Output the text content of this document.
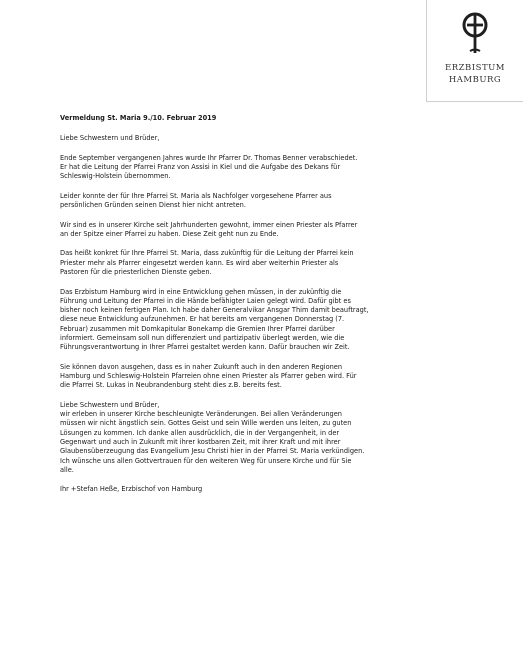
ERZBISTUM
HAMBURG

Vermeldung St. Maria 9./10. Februar 2019

Liebe Schwestern und Brüder,

Ende September vergangenen Jahres wurde Ihr Pfarrer Dr. Thomas Benner verabschiedet.
Er hat die Leitung der Pfarrei Franz von Assisi in Kiel und die Aufgabe des Dekans für
Schleswig-Holstein übernommen.

Leider konnte der für Ihre Pfarrei St. Maria als Nachfolger vorgesehene Pfarrer aus
persönlichen Gründen seinen Dienst hier nicht antreten.

Wir sind es in unserer Kirche seit Jahrhunderten gewohnt, immer einen Priester als Pfarrer
an der Spitze einer Pfarrei zu haben. Diese Zeit geht nun zu Ende.

Das heißt konkret für Ihre Pfarrei St. Maria, dass zukünftig für die Leitung der Pfarrei kein
Priester mehr als Pfarrer eingesetzt werden kann. Es wird aber weiterhin Priester als
Pastoren für die priesterlichen Dienste geben.

Das Erzbistum Hamburg wird in eine Entwicklung gehen müssen, in der zukünftig die
Führung und Leitung der Pfarrei in die Hände befähigter Laien gelegt wird. Dafür gibt es
bisher noch keinen fertigen Plan. Ich habe daher Generalvikar Ansgar Thim damit beauftragt,
diese neue Entwicklung aufzunehmen. Er hat bereits am vergangenen Donnerstag (7.
Februar) zusammen mit Domkapitular Bonekamp die Gremien Ihrer Pfarrei darüber
informiert. Gemeinsam soll nun differenziert und partizipativ überlegt werden, wie die
Führungsverantwortung in Ihrer Pfarrei gestaltet werden kann. Dafür brauchen wir Zeit.

Sie können davon ausgehen, dass es in naher Zukunft auch in den anderen Regionen
Hamburg und Schleswig-Holstein Pfarreien ohne einen Priester als Pfarrer geben wird. Für
die Pfarrei St. Lukas in Neubrandenburg steht dies z.B. bereits fest.

Liebe Schwestern und Brüder,
wir erleben in unserer Kirche beschleunigte Veränderungen. Bei allen Veränderungen
müssen wir nicht ängstlich sein. Gottes Geist und sein Wille werden uns leiten, zu guten
Lösungen zu kommen. Ich danke allen ausdrücklich, die in der Vergangenheit, in der
Gegenwart und auch in Zukunft mit ihrer kostbaren Zeit, mit ihrer Kraft und mit ihrer
Glaubensüberzeugung das Evangelium Jesu Christi hier in der Pfarrei St. Maria verkündigen.
Ich wünsche uns allen Gottvertrauen für den weiteren Weg für unsere Kirche und für Sie
alle.

Ihr +Stefan Heße, Erzbischof von Hamburg
